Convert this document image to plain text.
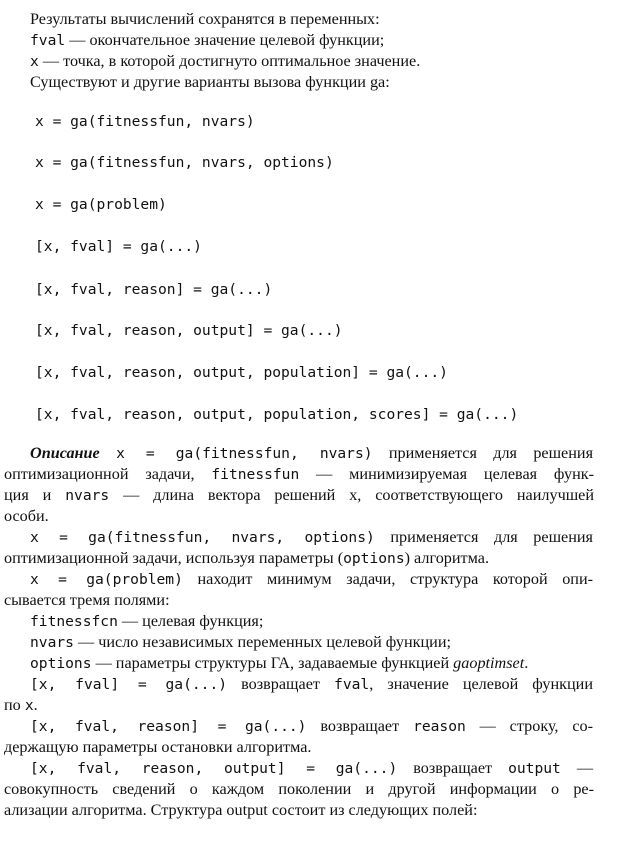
Результаты вычислений сохранятся в переменных:
fval — окончательное значение целевой функции;
x — точка, в которой достигнуто оптимальное значение.
Существуют и другие варианты вызова функции ga:
x = ga(fitnessfun, nvars)
x = ga(fitnessfun, nvars, options)
x = ga(problem)
[x, fval] = ga(...)
[x, fval, reason] = ga(...)
[x, fval, reason, output] = ga(...)
[x, fval, reason, output, population] = ga(...)
[x, fval, reason, output, population, scores] = ga(...)
Описание x = ga(fitnessfun, nvars) применяется для решения
оптимизационной задачи, fitnessfun — минимизируемая целевая функ-
ция и nvars — длина вектора решений x, соответствующего наилучшей
особи.
x = ga(fitnessfun, nvars, options) применяется для решения
оптимизационной задачи, используя параметры (options) алгоритма.
x = ga(problem) находит минимум задачи, структура которой опи-
сывается тремя полями:
fitnessfcn — целевая функция;
nvars — число независимых переменных целевой функции;
options — параметры структуры ГА, задаваемые функцией gaoptimset.
[x, fval] = ga(...) возвращает fval, значение целевой функции
по x.
[x, fval, reason] = ga(...) возвращает reason — строку, со-
держащую параметры остановки алгоритма.
[x, fval, reason, output] = ga(...) возвращает output —
совокупность сведений о каждом поколении и другой информации о ре-
ализации алгоритма. Структура output состоит из следующих полей:
